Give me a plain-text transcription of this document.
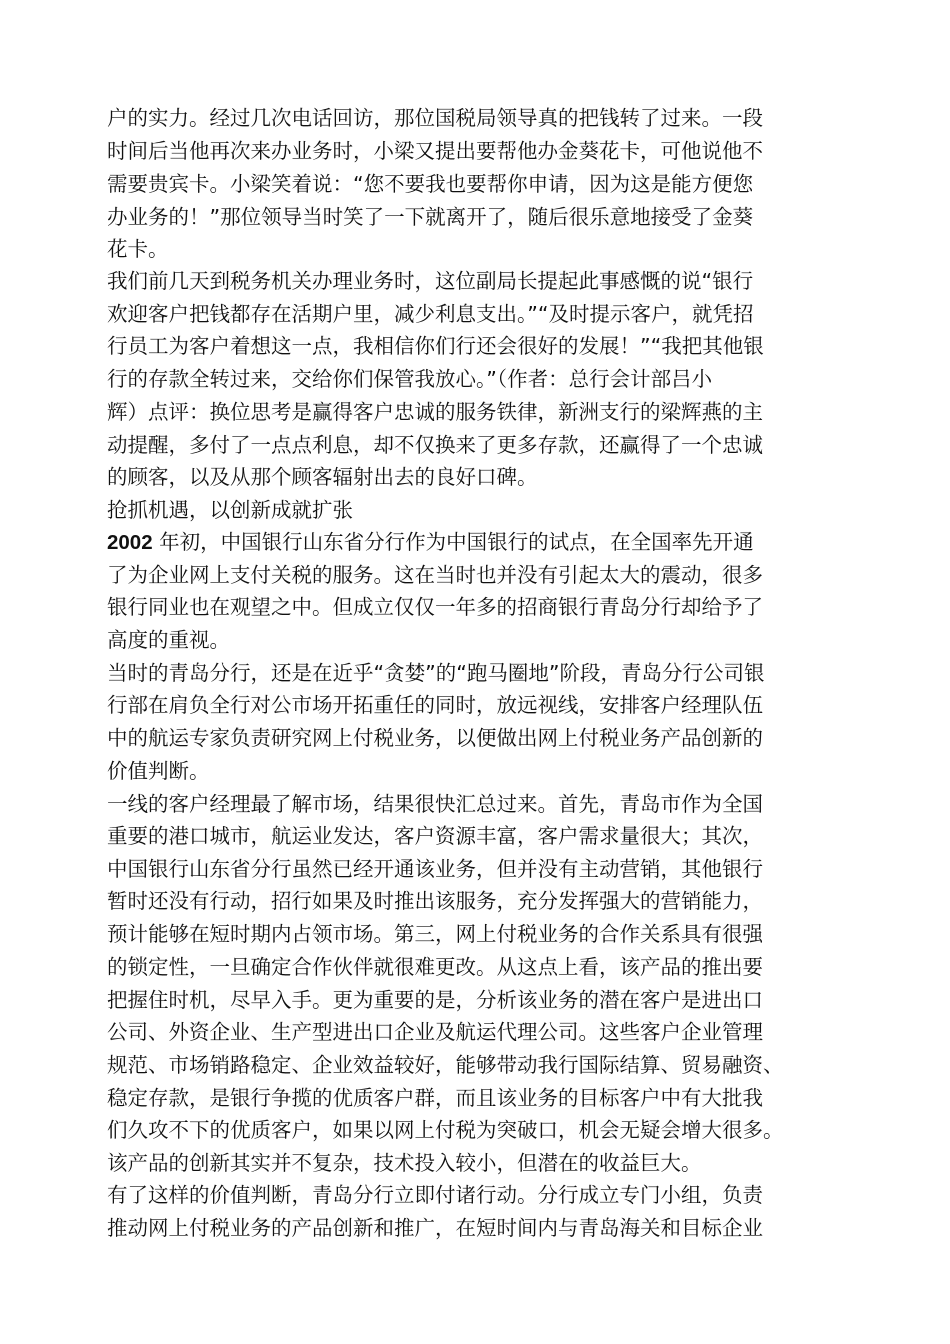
户的实力。经过几次电话回访，那位国税局领导真的把钱转了过来。一段
时间后当他再次来办业务时，小梁又提出要帮他办金葵花卡，可他说他不
需要贵宾卡。小梁笑着说：“您不要我也要帮你申请，因为这是能方便您
办业务的！”那位领导当时笑了一下就离开了，随后很乐意地接受了金葵
花卡。
我们前几天到税务机关办理业务时，这位副局长提起此事感慨的说“银行
欢迎客户把钱都存在活期户里，减少利息支出。”“及时提示客户，就凭招
行员工为客户着想这一点，我相信你们行还会很好的发展！”“我把其他银
行的存款全转过来，交给你们保管我放心。”（作者：总行会计部吕小
辉）点评：换位思考是赢得客户忠诚的服务铁律，新洲支行的梁辉燕的主
动提醒，多付了一点点利息，却不仅换来了更多存款，还赢得了一个忠诚
的顾客，以及从那个顾客辐射出去的良好口碑。
抢抓机遇，以创新成就扩张
2002 年初，中国银行山东省分行作为中国银行的试点，在全国率先开通
了为企业网上支付关税的服务。这在当时也并没有引起太大的震动，很多
银行同业也在观望之中。但成立仅仅一年多的招商银行青岛分行却给予了
高度的重视。
当时的青岛分行，还是在近乎“贪婪”的“跑马圈地”阶段，青岛分行公司银
行部在肩负全行对公市场开拓重任的同时，放远视线，安排客户经理队伍
中的航运专家负责研究网上付税业务，以便做出网上付税业务产品创新的
价值判断。
一线的客户经理最了解市场，结果很快汇总过来。首先，青岛市作为全国
重要的港口城市，航运业发达，客户资源丰富，客户需求量很大；其次，
中国银行山东省分行虽然已经开通该业务，但并没有主动营销，其他银行
暂时还没有行动，招行如果及时推出该服务，充分发挥强大的营销能力，
预计能够在短时期内占领市场。第三，网上付税业务的合作关系具有很强
的锁定性，一旦确定合作伙伴就很难更改。从这点上看，该产品的推出要
把握住时机，尽早入手。更为重要的是，分析该业务的潜在客户是进出口
公司、外资企业、生产型进出口企业及航运代理公司。这些客户企业管理
规范、市场销路稳定、企业效益较好，能够带动我行国际结算、贸易融资、
稳定存款，是银行争揽的优质客户群，而且该业务的目标客户中有大批我
们久攻不下的优质客户，如果以网上付税为突破口，机会无疑会增大很多。
该产品的创新其实并不复杂，技术投入较小，但潜在的收益巨大。
有了这样的价值判断，青岛分行立即付诸行动。分行成立专门小组，负责
推动网上付税业务的产品创新和推广，在短时间内与青岛海关和目标企业
